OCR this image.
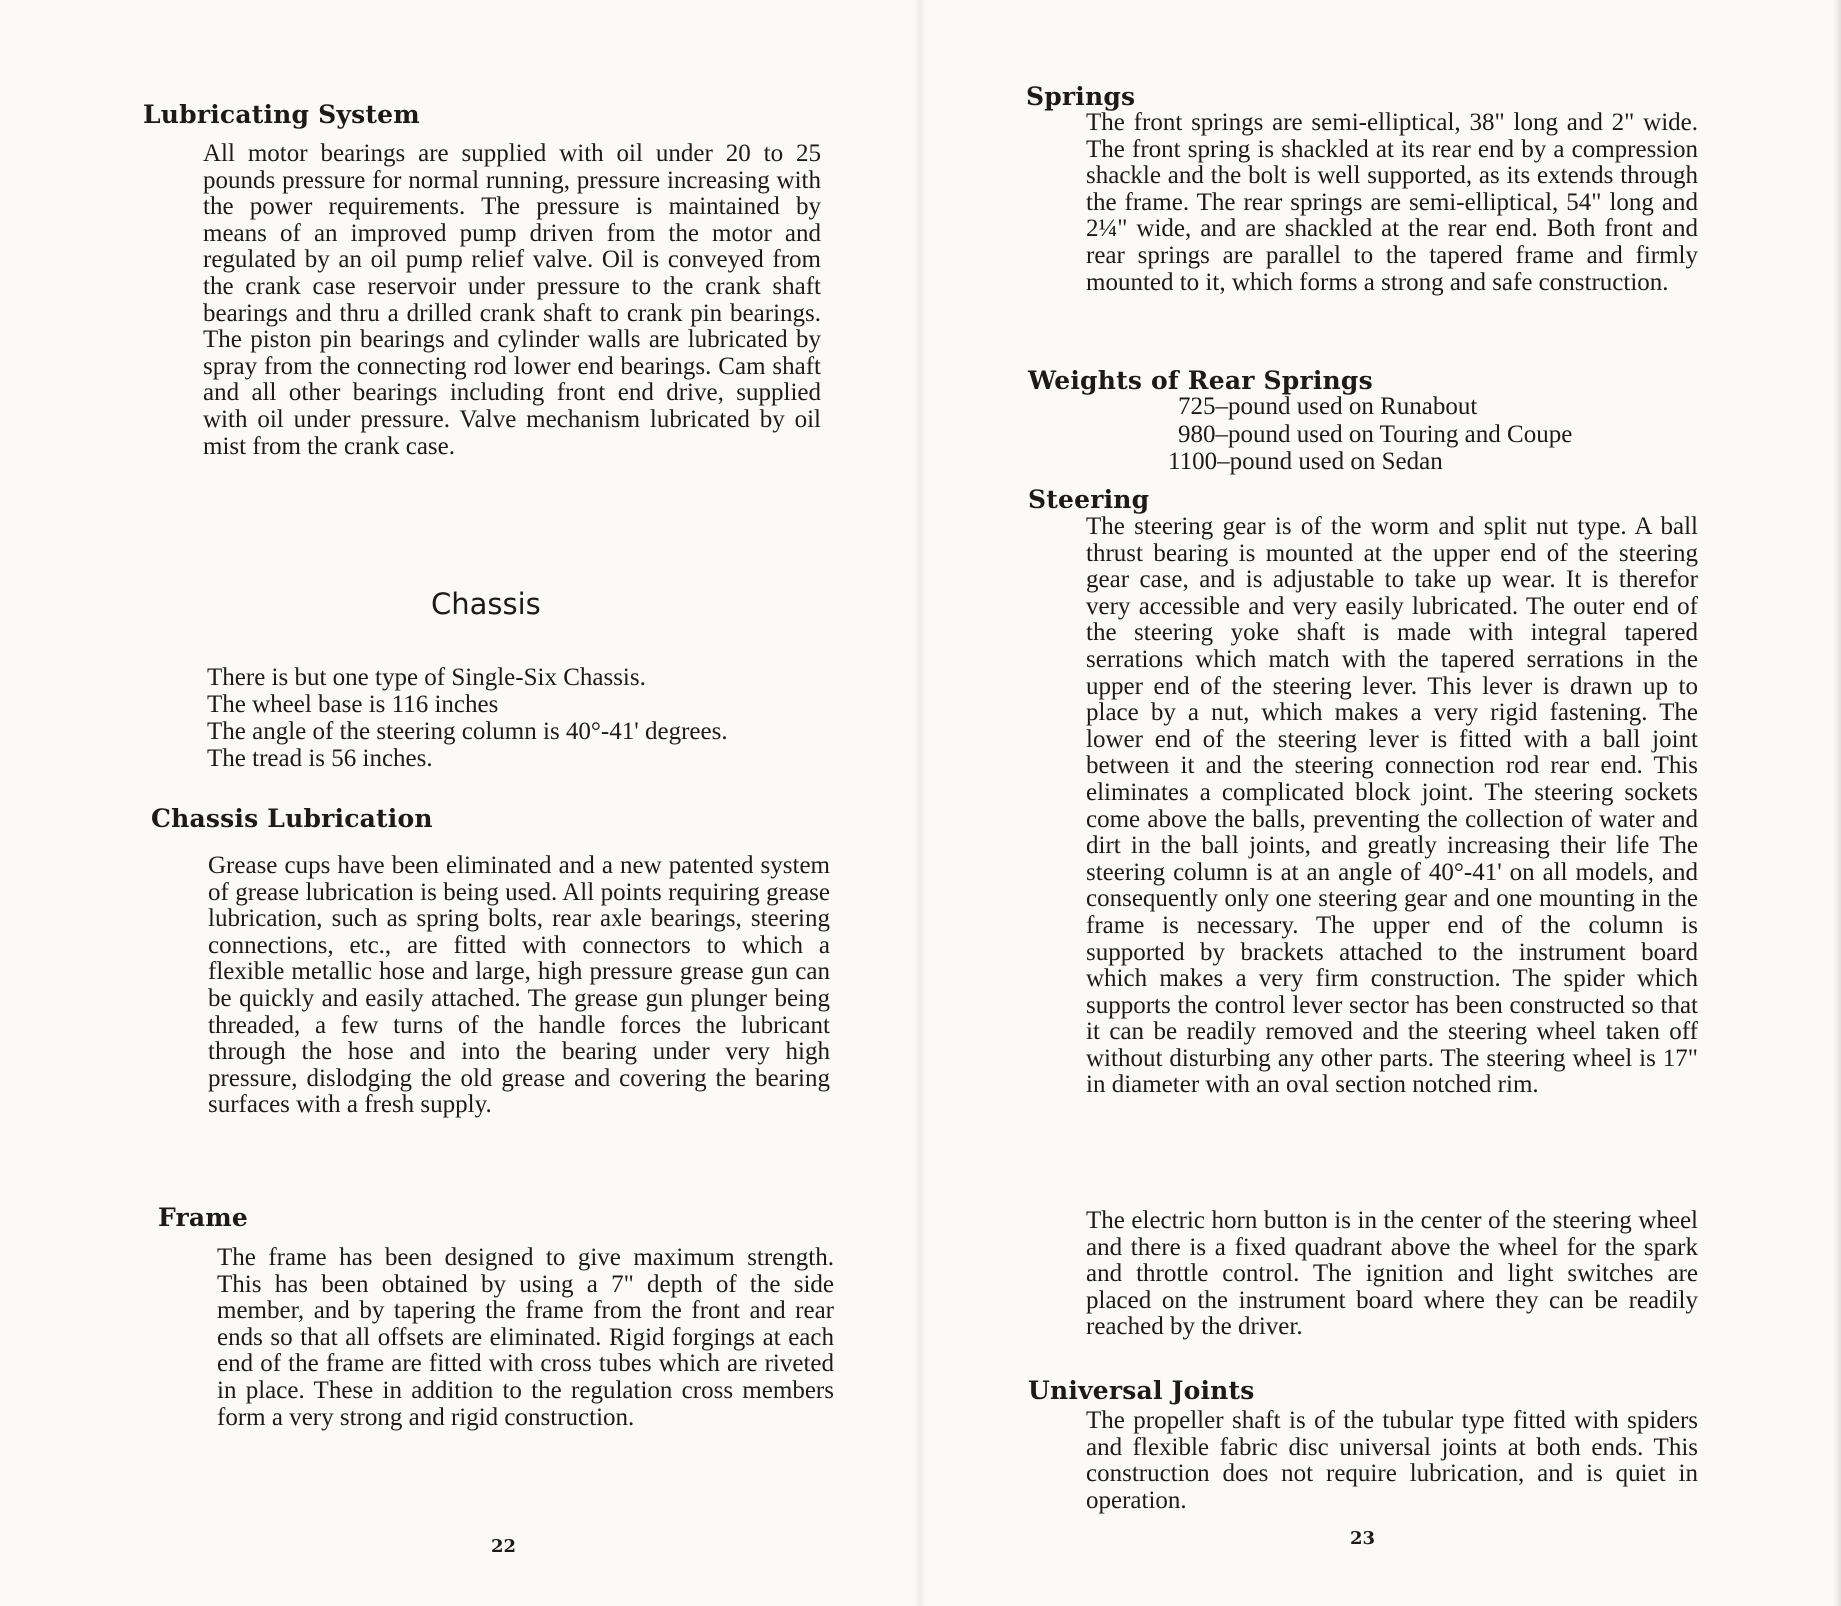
Lubricating System

All motor bearings are supplied with oil under 20 to 25 pounds pressure for normal running, pressure increasing with the power requirements. The pressure is maintained by means of an improved pump driven from the motor and regulated by an oil pump relief valve. Oil is conveyed from the crank case reservoir under pressure to the crank shaft bearings and thru a drilled crank shaft to crank pin bearings. The piston pin bearings and cylinder walls are lubricated by spray from the connecting rod lower end bearings. Cam shaft and all other bearings including front end drive, supplied with oil under pressure. Valve mechanism lubricated by oil mist from the crank case.

Chassis
There is but one type of Single-Six Chassis.
The wheel base is 116 inches
The angle of the steering column is 40°-41' degrees.
The tread is 56 inches.
Chassis Lubrication

Grease cups have been eliminated and a new patented system of grease lubrication is being used. All points requiring grease lubrication, such as spring bolts, rear axle bearings, steering connections, etc., are fitted with connectors to which a flexible metallic hose and large, high pressure grease gun can be quickly and easily attached. The grease gun plunger being threaded, a few turns of the handle forces the lubricant through the hose and into the bearing under very high pressure, dislodging the old grease and covering the bearing surfaces with a fresh supply.

Frame

The frame has been designed to give maximum strength. This has been obtained by using a 7" depth of the side member, and by tapering the frame from the front and rear ends so that all offsets are eliminated. Rigid forgings at each end of the frame are fitted with cross tubes which are riveted in place. These in addition to the regulation cross members form a very strong and rigid construction.

22
Springs

The front springs are semi-elliptical, 38" long and 2" wide. The front spring is shackled at its rear end by a compression shackle and the bolt is well supported, as its extends through the frame. The rear springs are semi-elliptical, 54" long and 2¼" wide, and are shackled at the rear end. Both front and rear springs are parallel to the tapered frame and firmly mounted to it, which forms a strong and safe construction.

Weights of Rear Springs
725–pound used on Runabout
980–pound used on Touring and Coupe
1100–pound used on Sedan
Steering

The steering gear is of the worm and split nut type. A ball thrust bearing is mounted at the upper end of the steering gear case, and is adjustable to take up wear. It is therefor very accessible and very easily lubricated. The outer end of the steering yoke shaft is made with integral tapered serrations which match with the tapered serrations in the upper end of the steering lever. This lever is drawn up to place by a nut, which makes a very rigid fastening. The lower end of the steering lever is fitted with a ball joint between it and the steering connection rod rear end. This eliminates a complicated block joint. The steering sockets come above the balls, preventing the collection of water and dirt in the ball joints, and greatly increasing their life The steering column is at an angle of 40°-41' on all models, and consequently only one steering gear and one mounting in the frame is necessary. The upper end of the column is supported by brackets attached to the instrument board which makes a very firm construction. The spider which supports the control lever sector has been constructed so that it can be readily removed and the steering wheel taken off without disturbing any other parts. The steering wheel is 17" in diameter with an oval section notched rim.

The electric horn button is in the center of the steering wheel and there is a fixed quadrant above the wheel for the spark and throttle control. The ignition and light switches are placed on the instrument board where they can be readily reached by the driver.

Universal Joints

The propeller shaft is of the tubular type fitted with spiders and flexible fabric disc universal joints at both ends. This construction does not require lubrication, and is quiet in operation.

23
